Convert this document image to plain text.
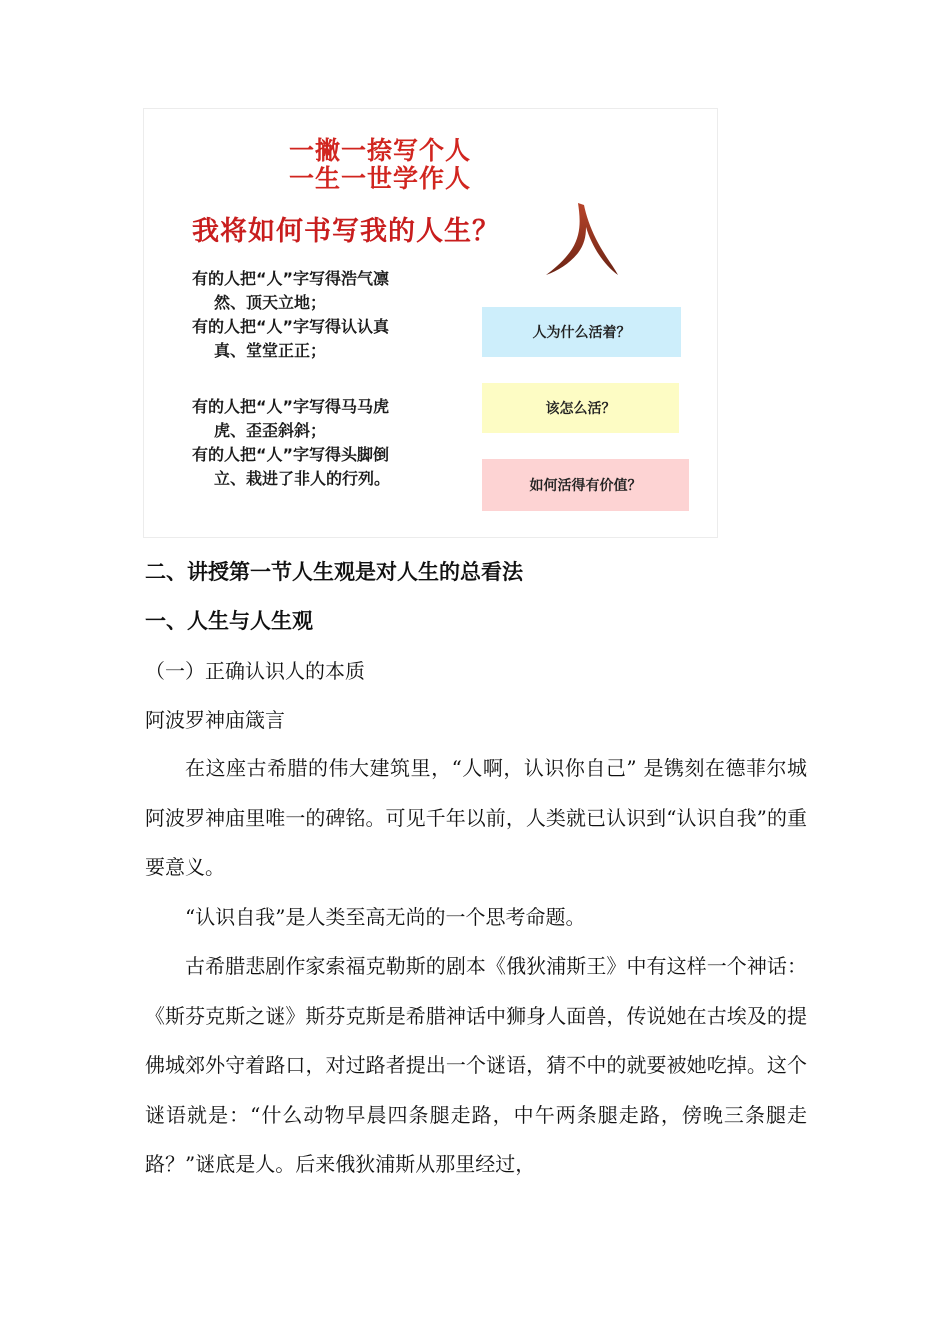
一撇一捺写个人
一生一世学作人
我将如何书写我的人生？
有的人把“人”字写得浩气凛
然、顶天立地；
有的人把“人”字写得认认真
真、堂堂正正；
有的人把“人”字写得马马虎
虎、歪歪斜斜；
有的人把“人”字写得头脚倒
立、栽进了非人的行列。
人为什么活着？
该怎么活？
如何活得有价值？
二、讲授第一节人生观是对人生的总看法
一、人生与人生观
（一）正确认识人的本质
阿波罗神庙箴言

在这座古希腊的伟大建筑里，“人啊，认识你自己” 是镌刻在德菲尔城阿波罗神庙里唯一的碑铭。可见千年以前，人类就已认识到“认识自我”的重要意义。

“认识自我”是人类至高无尚的一个思考命题。

古希腊悲剧作家索福克勒斯的剧本《俄狄浦斯王》中有这样一个神话：《斯芬克斯之谜》斯芬克斯是希腊神话中狮身人面兽，传说她在古埃及的提佛城郊外守着路口，对过路者提出一个谜语，猜不中的就要被她吃掉。这个谜语就是：“什么动物早晨四条腿走路，中午两条腿走路，傍晚三条腿走路？”谜底是人。后来俄狄浦斯从那里经过，
